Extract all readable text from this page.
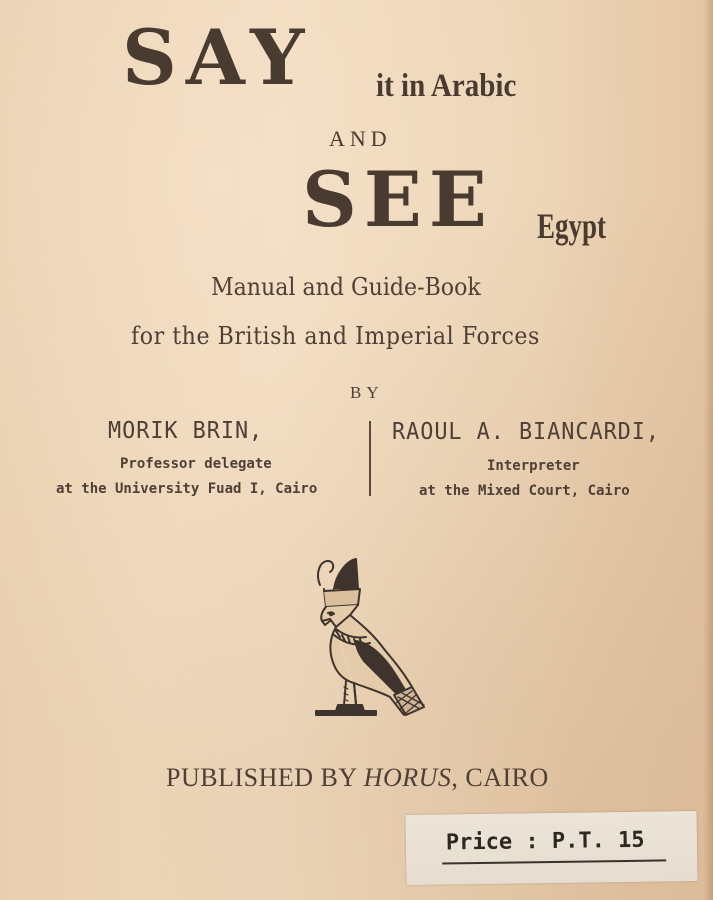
SAY it in Arabic
AND
SEE Egypt
Manual and Guide-Book
for the British and Imperial Forces
BY
MORIK BRIN,
Professor delegate
at the University Fuad I, Cairo
RAOUL A. BIANCARDI,
Interpreter
at the Mixed Court, Cairo
PUBLISHED BY HORUS, CAIRO
Price : P.T. 15
